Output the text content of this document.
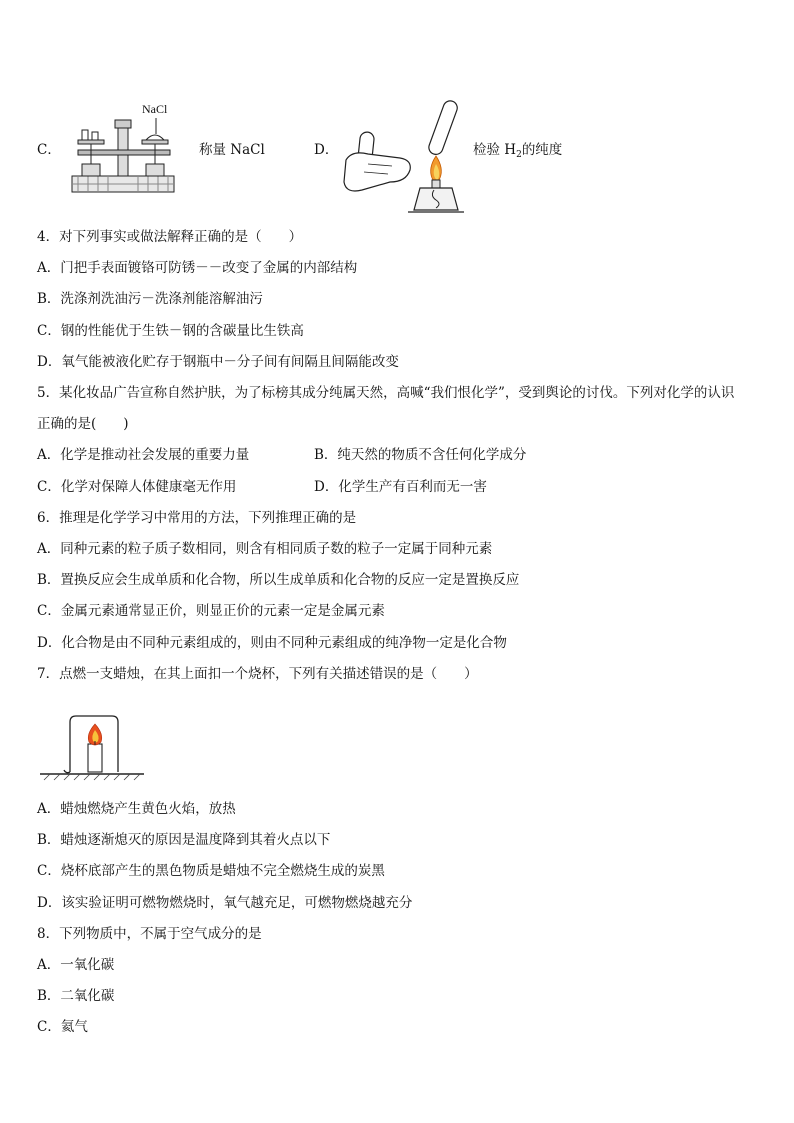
C．
NaCl
称量 NaCl	D．	检验 $H_2$的纯度
4．对下列事实或做法解释正确的是（　　）
A．门把手表面镀铬可防锈－－改变了金属的内部结构
B．洗涤剂洗油污－洗涤剂能溶解油污
C．钢的性能优于生铁－钢的含碳量比生铁高
D．氧气能被液化贮存于钢瓶中－分子间有间隔且间隔能改变
5．某化妆品广告宣称自然护肤，为了标榜其成分纯属天然，高喊“我们恨化学”，受到舆论的讨伐。下列对化学的认识
正确的是(　　)
A．化学是推动社会发展的重要力量	B．纯天然的物质不含任何化学成分
C．化学对保障人体健康毫无作用	D．化学生产有百利而无一害
6．推理是化学学习中常用的方法，下列推理正确的是
A．同种元素的粒子质子数相同，则含有相同质子数的粒子一定属于同种元素
B．置换反应会生成单质和化合物，所以生成单质和化合物的反应一定是置换反应
C．金属元素通常显正价，则显正价的元素一定是金属元素
D．化合物是由不同种元素组成的，则由不同种元素组成的纯净物一定是化合物
7．点燃一支蜡烛，在其上面扣一个烧杯，下列有关描述错误的是（　　）
A．蜡烛燃烧产生黄色火焰，放热
B．蜡烛逐渐熄灭的原因是温度降到其着火点以下
C．烧杯底部产生的黑色物质是蜡烛不完全燃烧生成的炭黑
D．该实验证明可燃物燃烧时，氧气越充足，可燃物燃烧越充分
8．下列物质中，不属于空气成分的是
A．一氧化碳
B．二氧化碳
C．氦气
